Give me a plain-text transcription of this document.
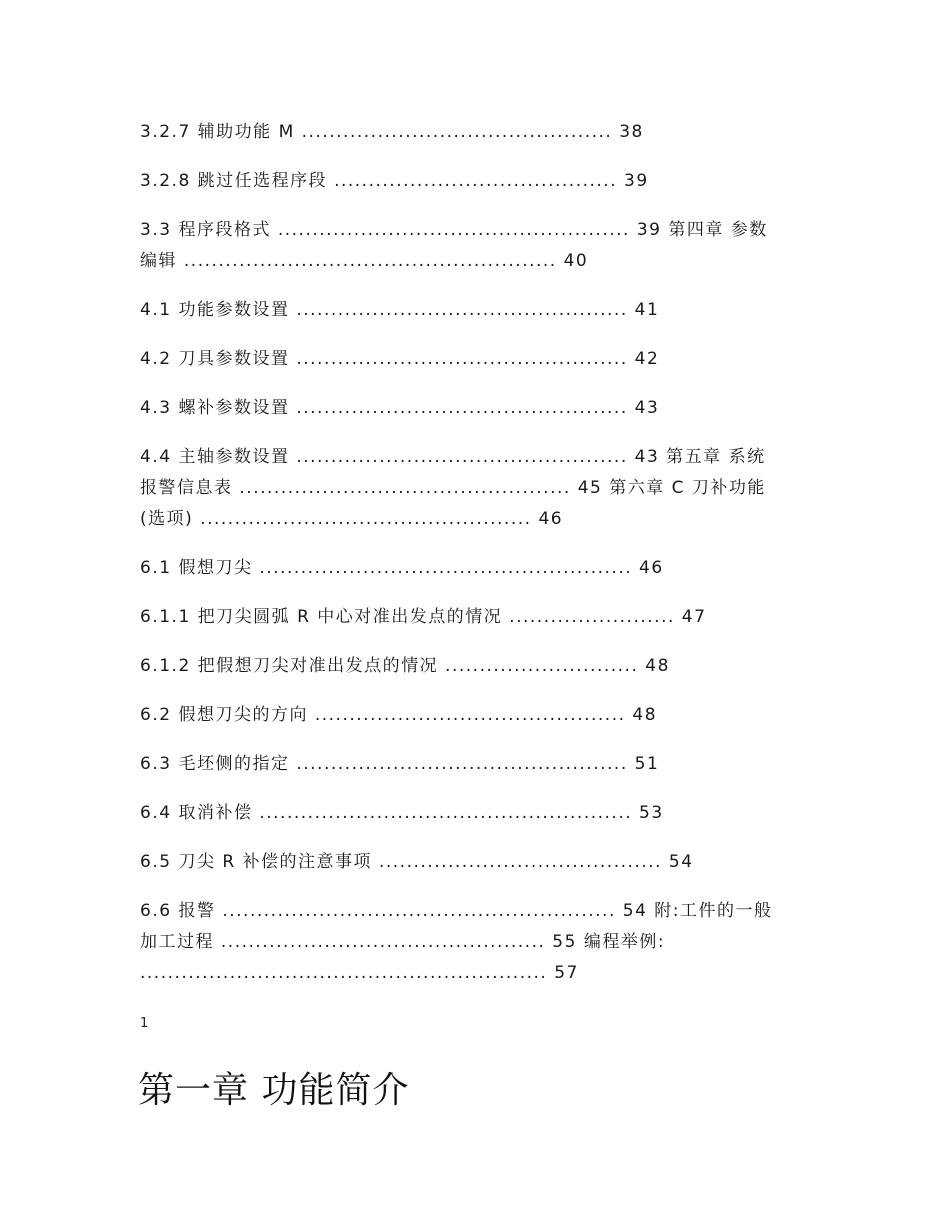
3.2.7 辅助功能 M ............................................. 38
3.2.8 跳过任选程序段 ......................................... 39
3.3 程序段格式 ................................................... 39 第四章 参数
编辑 ...................................................... 40
4.1 功能参数设置 ................................................ 41
4.2 刀具参数设置 ................................................ 42
4.3 螺补参数设置 ................................................ 43
4.4 主轴参数设置 ................................................ 43 第五章 系统
报警信息表 ................................................ 45 第六章 C 刀补功能
(选项) ................................................ 46
6.1 假想刀尖 ...................................................... 46
6.1.1 把刀尖圆弧 R 中心对准出发点的情况 ........................ 47
6.1.2 把假想刀尖对准出发点的情况 ............................ 48
6.2 假想刀尖的方向 ............................................. 48
6.3 毛坯侧的指定 ................................................ 51
6.4 取消补偿 ...................................................... 53
6.5 刀尖 R 补偿的注意事项 ......................................... 54
6.6 报警 ......................................................... 54 附:工件的一般
加工过程 ............................................... 55 编程举例:
........................................................... 57
1
第一章 功能简介
